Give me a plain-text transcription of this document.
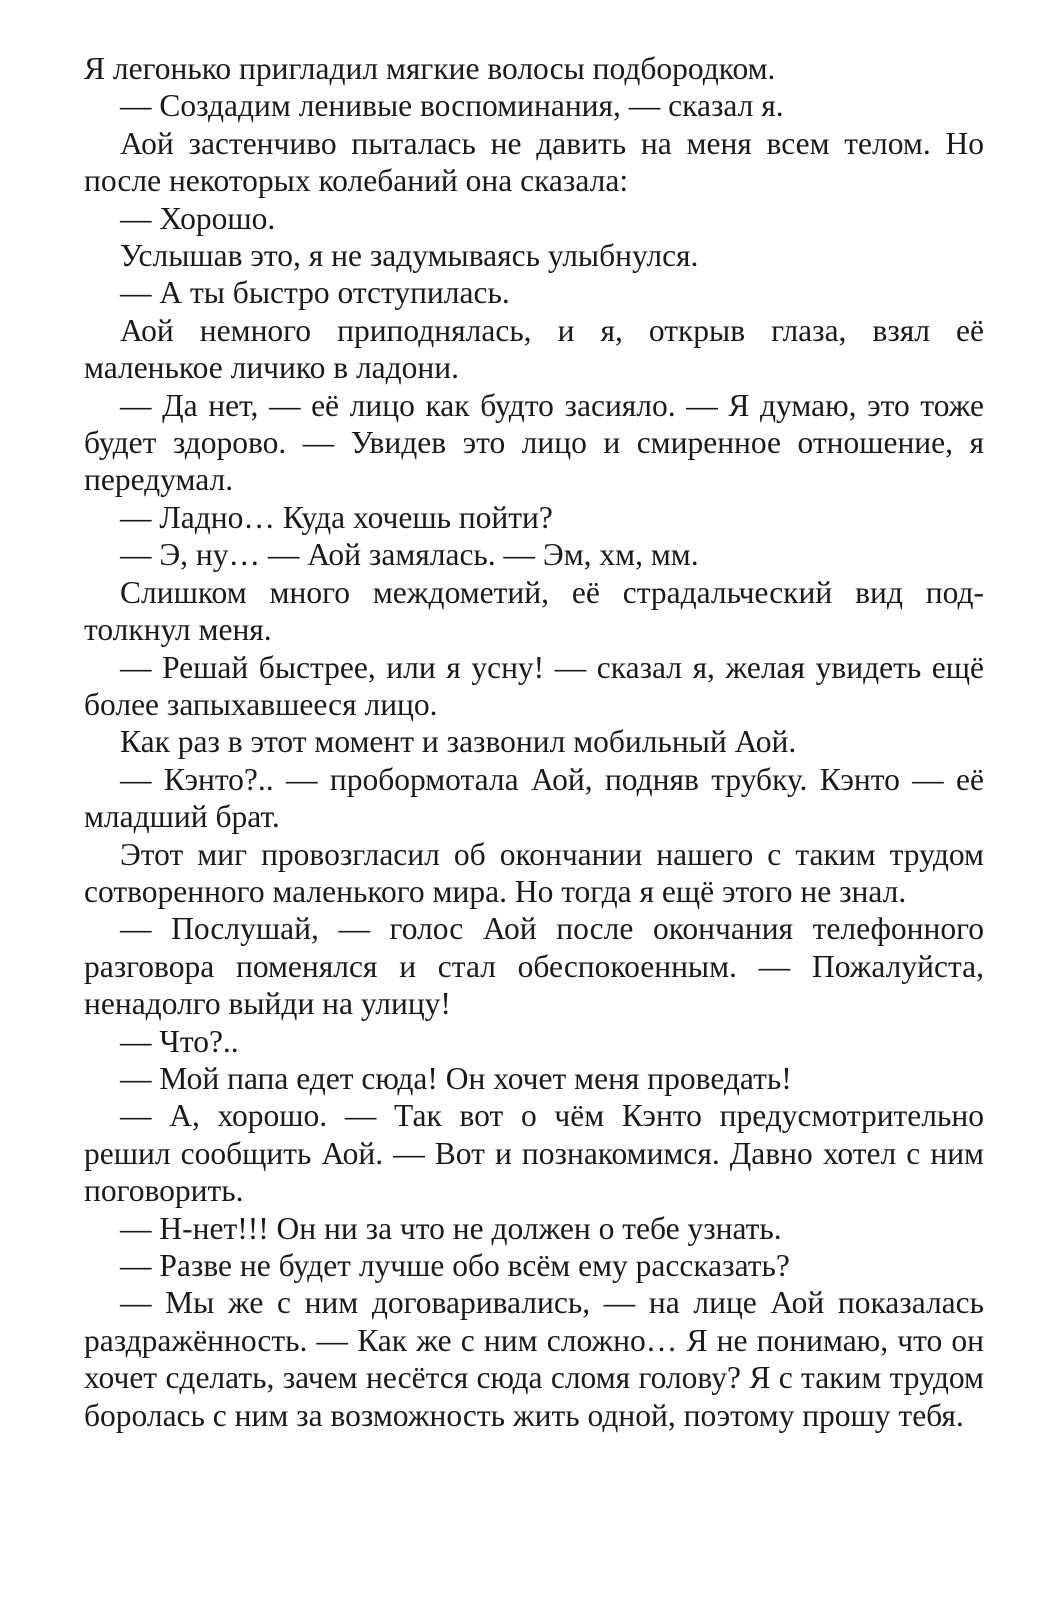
Я легонько пригладил мягкие волосы подбородком.

— Создадим ленивые воспоминания, — сказал я.

Аой застенчиво пыталась не давить на меня всем телом. Но после некоторых колебаний она сказала:

— Хорошо.

Услышав это, я не задумываясь улыбнулся.

— А ты быстро отступилась.

Аой немного приподнялась, и я, открыв глаза, взял её маленькое личико в ладони.

— Да нет, — её лицо как будто засияло. — Я думаю, это тоже будет здорово. — Увидев это лицо и смиренное отношение, я передумал.

— Ладно… Куда хочешь пойти?

— Э, ну… — Аой замялась. — Эм, хм, мм.

Слишком много междометий, её страдальческий вид подтолкнул меня.

— Решай быстрее, или я усну! — сказал я, желая увидеть ещё более запыхавшееся лицо.

Как раз в этот момент и зазвонил мобильный Аой.

— Кэнто?.. — пробормотала Аой, подняв трубку. Кэнто — её младший брат.

Этот миг провозгласил об окончании нашего с таким трудом сотворенного маленького мира. Но тогда я ещё этого не знал.

— Послушай, — голос Аой после окончания телефонного разговора поменялся и стал обеспокоенным. — Пожалуйста, ненадолго выйди на улицу!

— Что?..

— Мой папа едет сюда! Он хочет меня проведать!

— А, хорошо. — Так вот о чём Кэнто предусмотрительно решил сообщить Аой. — Вот и познакомимся. Давно хотел с ним поговорить.

— Н-нет!!! Он ни за что не должен о тебе узнать.

— Разве не будет лучше обо всём ему рассказать?

— Мы же с ним договаривались, — на лице Аой показалась раздражённость. — Как же с ним сложно… Я не понимаю, что он хочет сделать, зачем несётся сюда сломя голову? Я с таким трудом боролась с ним за возможность жить одной, поэтому прошу тебя.
